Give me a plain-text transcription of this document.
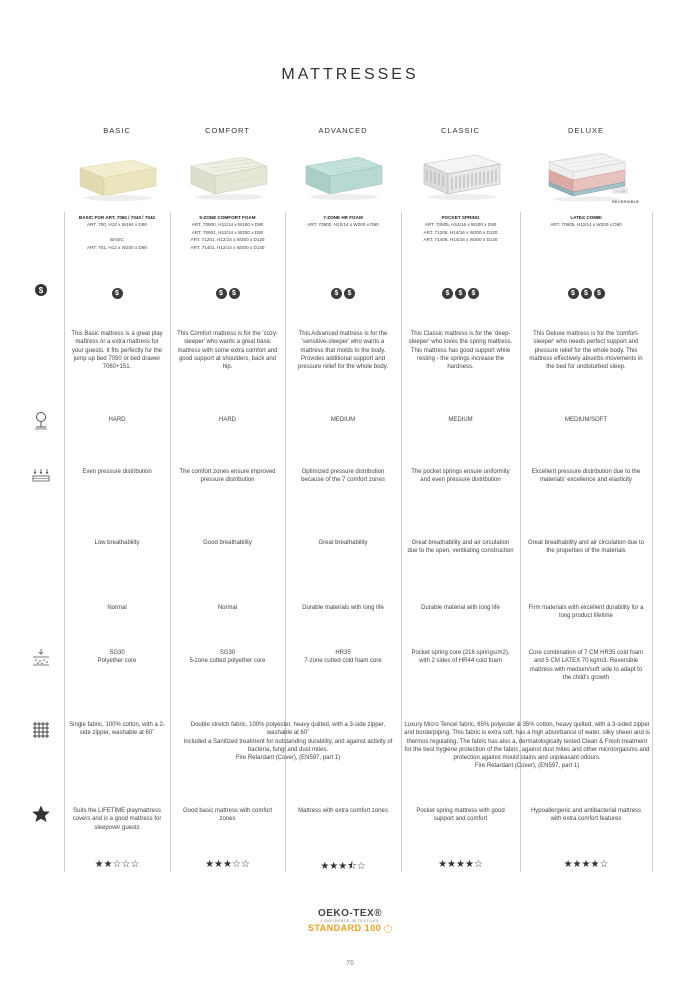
MATTRESSES
$
BASIC
BASIC FOR ART. 7060 / 7040 / 7042
ART. 700, H12 x W194 x D90

BASIC
ART. 701, H12 x W200 x D90
$
This Basic mattress is a great play mattress or a extra mattress for your guests. It fits perfectly for the jump up bed 7050 or bed drawer 7060+151.
HARD
Even pressure distribution
Low breathability
Normal
SG30
Polyether core
Suits the LIFETIME playmattress covers and is a good mattress for sleepover guests
★★☆☆☆
COMFORT
5-ZONE COMFORT FOAM
ART. 70900, H12/14 x W190 x D90
ART. 70901, H12/14 x W200 x D90
ART. 71201, H12/14 x W200 x D120
ART. 71401, H12/14 x W200 x D140
$ $
This Comfort mattress is for the 'cozy-sleeper' who wants a great basic mattress with some extra comfort and good support at shoulders, back and hip.
HARD
The comfort zones ensure improved pressure distribution
Good breathability
Normal
SG30
5-zone cutted polyether core
Good basic mattress with comfort zones
★★★☆☆
ADVANCED
7-ZONE HR FOAM
ART. 70902, H12/14 x W200 x D90
$ $
This Advanced mattress is for the 'sensitive-sleeper' who wants a mattress that molds to the body. Provides additional support and pressure relief for the whole body.
MEDIUM
Optimized pressure distribution because of the 7 comfort zones
Great breathability
Durable materials with long life
HR35
7-zone cutted cold foam core
Mattress with extra comfort zones
★★★⯪☆
CLASSIC
POCKET SPRING
ART. 70905, H14/16 x W200 x D90
ART. 71206, H14/16 x W200 x D120
ART. 71406, H14/16 x W200 x D140
$ $ $
This Classic mattress is for the 'deep-sleeper' who loves the spring mattress. This mattress has good support while resting - the springs increase the hardness.
MEDIUM
The pocket springs ensure uniformity and even pressure distribution
Great breathability and air circulation due to the open, ventilating construction
Durable material with long life
Pocket spring core (216 springs/m2), with 2 sides of HR44 cold foam
Pocket spring mattress with good support and comfort
★★★★☆
DELUXE
REVERSIBLE
LATEX COMBI
ART. 70905, H12/14 x W200 x D90
$ $ $
This Deluxe mattress is for the 'comfort-sleeper' who needs perfect support and pressure relief for the whole body. This mattress effectively absorbs movements in the bed for undisturbed sleep.
MEDIUM/SOFT
Excellent pressure distribution due to the materials' excellence and elasticity
Great breathability and air circulation due to the properties of the materials
Firm materials with excellent durability for a long product lifetime
Core combination of 7 CM HR35 cold foam and 5 CM LATEX 70 kg/m3. Reversible mattress with medium/soft side to adapt to the child's growth
Hypoallergenic and antibacterial mattress with extra comfort features
★★★★☆
Single fabric, 100% cotton, with a 2-side zipper, washable at 60˚
Double stretch fabric, 100% polyester, heavy quilted, with a 3-side zipper, washable at 60˚
Included a Sanitized treatment for outstanding durability, and against activity of bacteria, fungi and dust mites.
Fire Retardant (Cover), (EN597, part 1)
Luxury Micro Tencel fabric, 65% polyester & 35% cotton, heavy quilted, with a 3-sided zipper and borderpiping. This fabric is extra soft, has a high absorbance of water, silky sheen and is thermos regulating. The fabric has also a, dermatologically tested Clean & Fresh treatment for the best hygiene protection of the fabric, against dust mites and other microorgaisms and protection against mould stains and unpleasant odours.
Fire Retardant (Cover), (EN597, part 1)
OEKO-TEX®
CONFIDENCE IN TEXTILES
STANDARD 100
76
